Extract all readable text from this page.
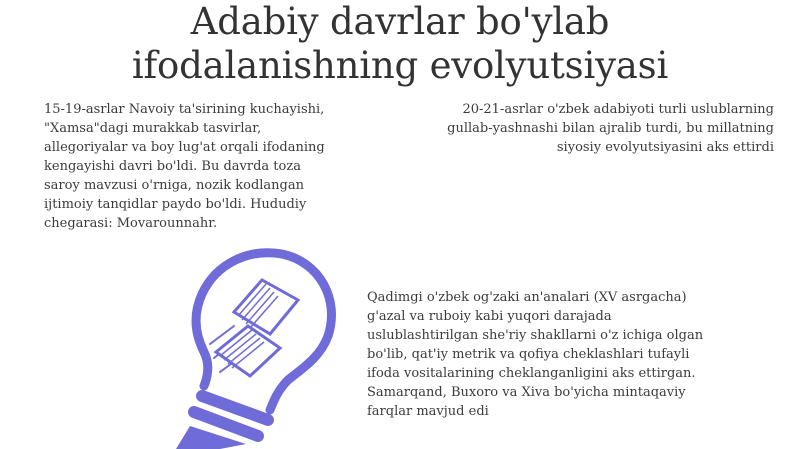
Adabiy davrlar bo'ylab
ifodalanishning evolyutsiyasi
15-19-asrlar Navoiy ta'sirining kuchayishi,
"Xamsa"dagi murakkab tasvirlar,
allegoriyalar va boy lug'at orqali ifodaning
kengayishi davri bo'ldi. Bu davrda toza
saroy mavzusi o'rniga, nozik kodlangan
ijtimoiy tanqidlar paydo bo'ldi. Hududiy
chegarasi: Movarounnahr.
20-21-asrlar o'zbek adabiyoti turli uslublarning
gullab-yashnashi bilan ajralib turdi, bu millatning
siyosiy evolyutsiyasini aks ettirdi
Qadimgi o'zbek og'zaki an'analari (XV asrgacha)
g'azal va ruboiy kabi yuqori darajada
uslublashtirilgan she'riy shakllarni o'z ichiga olgan
bo'lib, qat'iy metrik va qofiya cheklashlari tufayli
ifoda vositalarining cheklanganligini aks ettirgan.
Samarqand, Buxoro va Xiva bo'yicha mintaqaviy
farqlar mavjud edi
